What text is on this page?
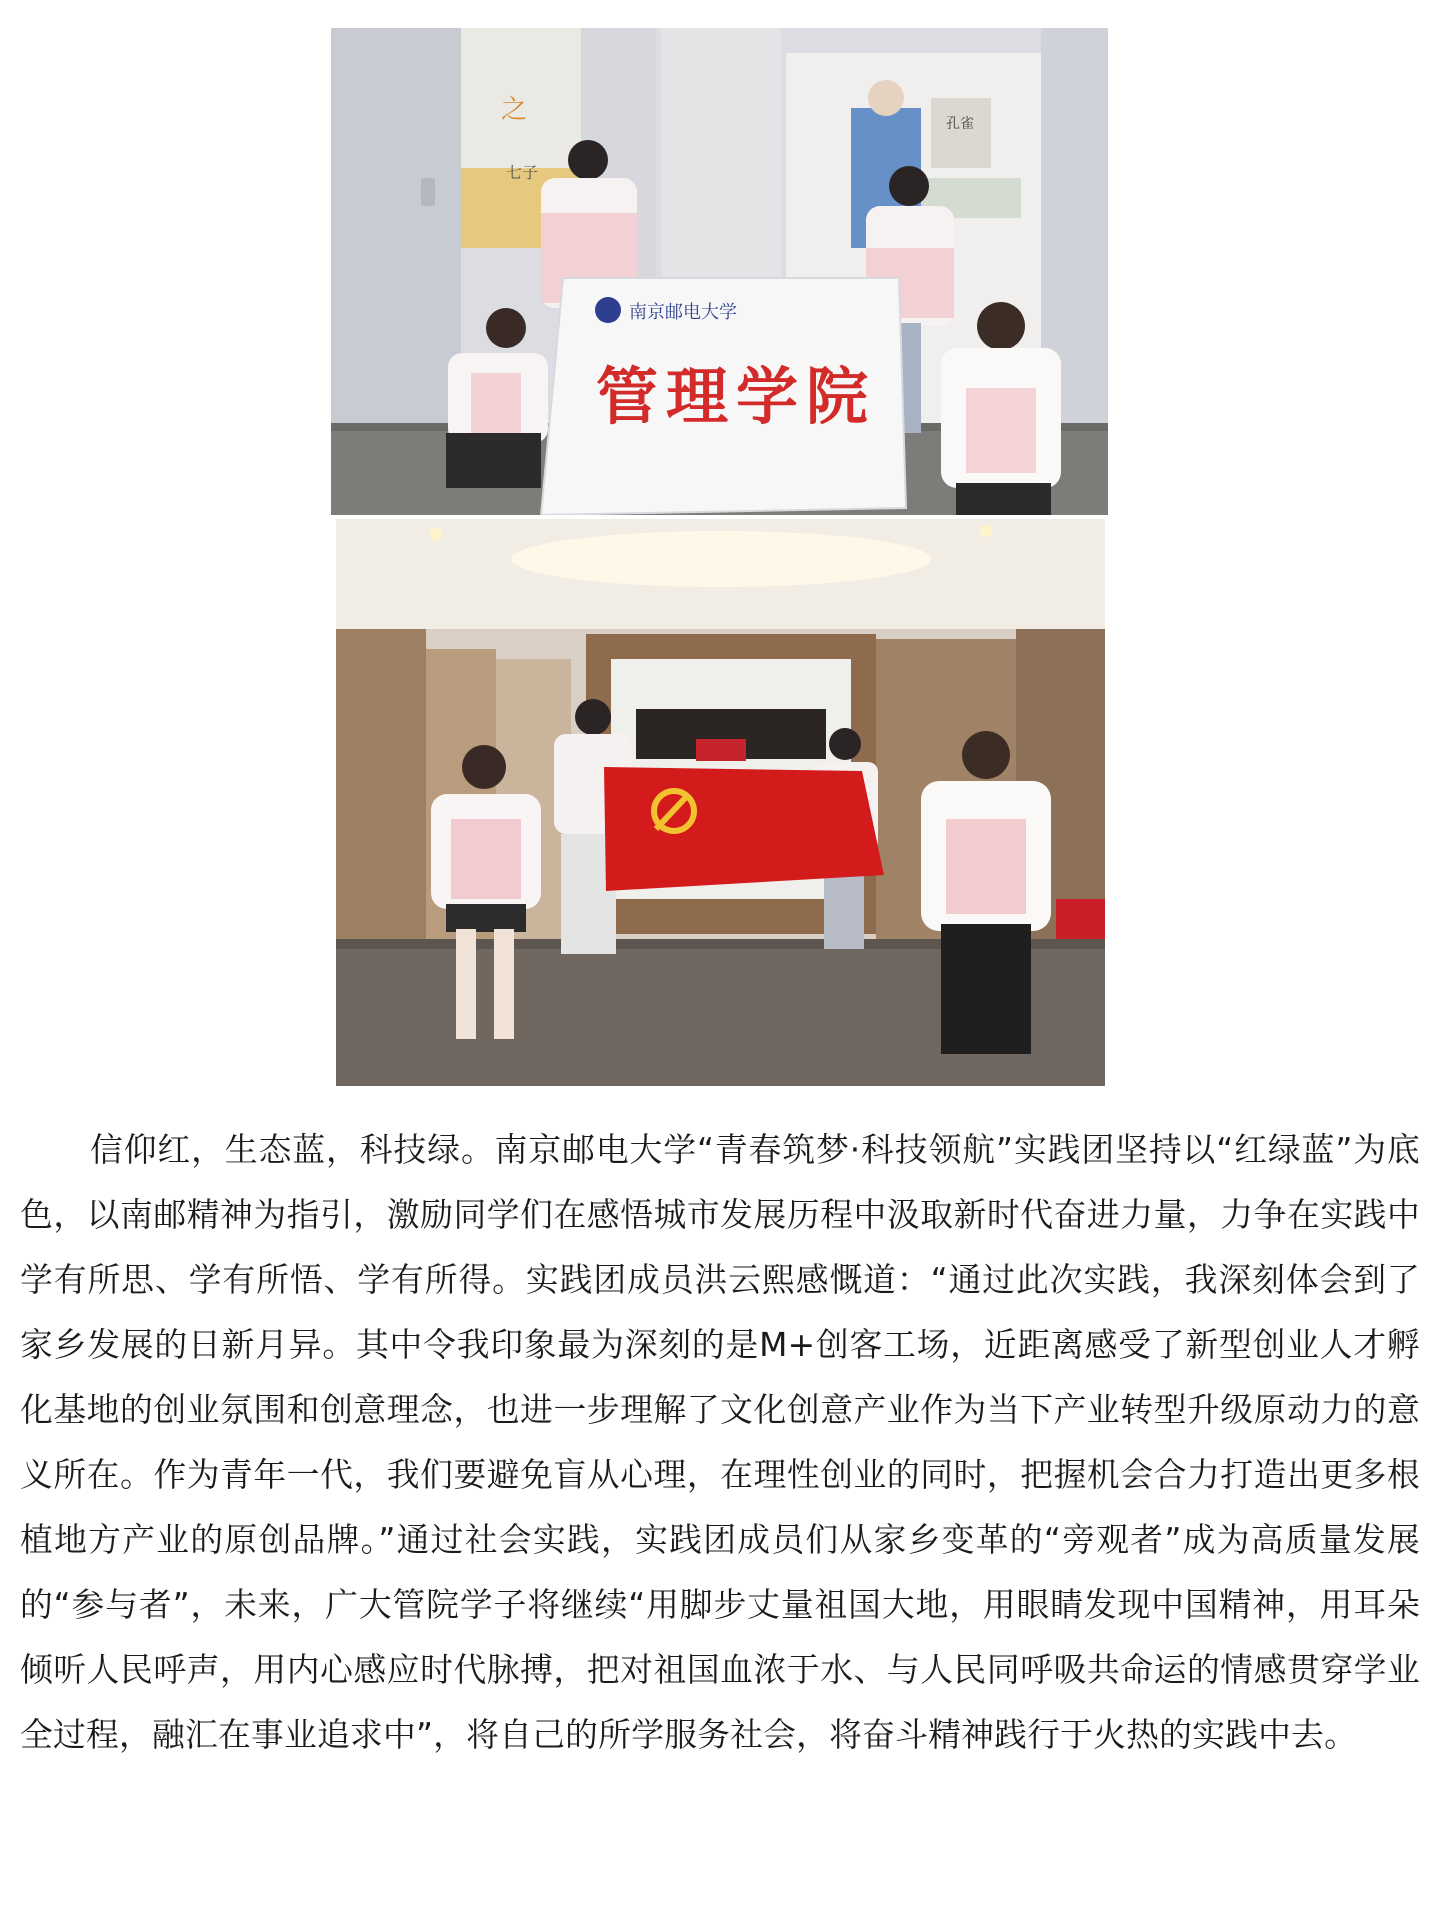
之
七子
孔雀
南京邮电大学
管理学院

信仰红，生态蓝，科技绿。南京邮电大学“青春筑梦·科技领航”实践团坚持以“红绿蓝”为底色，以南邮精神为指引，激励同学们在感悟城市发展历程中汲取新时代奋进力量，力争在实践中学有所思、学有所悟、学有所得。实践团成员洪云熙感慨道：“通过此次实践，我深刻体会到了家乡发展的日新月异。其中令我印象最为深刻的是M+创客工场，近距离感受了新型创业人才孵化基地的创业氛围和创意理念，也进一步理解了文化创意产业作为当下产业转型升级原动力的意义所在。作为青年一代，我们要避免盲从心理，在理性创业的同时，把握机会合力打造出更多根植地方产业的原创品牌。”通过社会实践，实践团成员们从家乡变革的“旁观者”成为高质量发展的“参与者”，未来，广大管院学子将继续“用脚步丈量祖国大地，用眼睛发现中国精神，用耳朵倾听人民呼声，用内心感应时代脉搏，把对祖国血浓于水、与人民同呼吸共命运的情感贯穿学业全过程，融汇在事业追求中”，将自己的所学服务社会，将奋斗精神践行于火热的实践中去。
